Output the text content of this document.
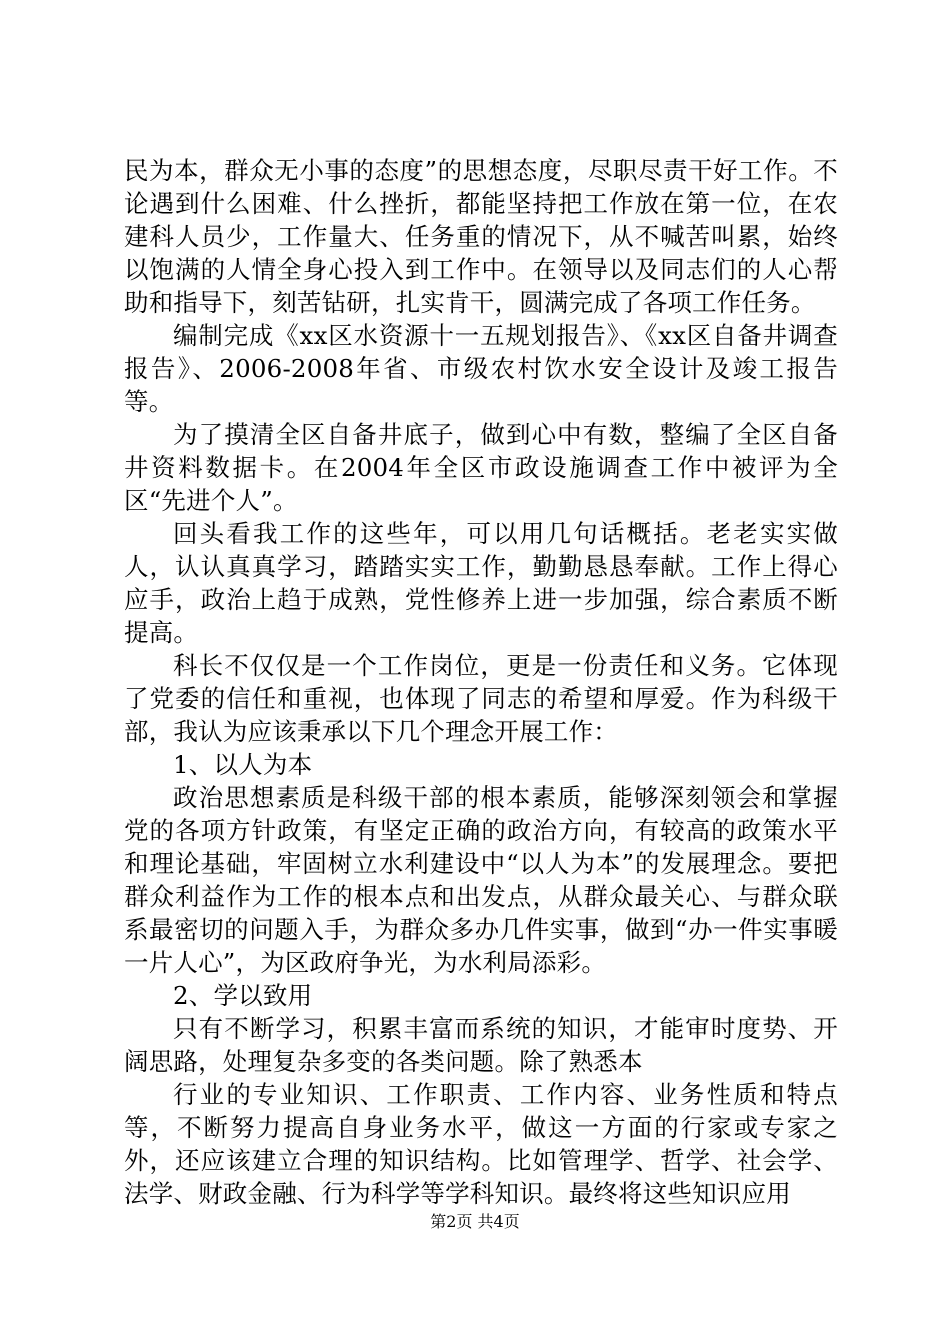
民为本，群众无小事的态度”的思想态度，尽职尽责干好工作。不论遇到什么困难、什么挫折，都能坚持把工作放在第一位，在农建科人员少，工作量大、任务重的情况下，从不喊苦叫累，始终以饱满的人情全身心投入到工作中。在领导以及同志们的人心帮助和指导下，刻苦钻研，扎实肯干，圆满完成了各项工作任务。

编制完成《xx区水资源十一五规划报告》、《xx区自备井调查报告》、2006-2008年省、市级农村饮水安全设计及竣工报告等。

为了摸清全区自备井底子，做到心中有数，整编了全区自备井资料数据卡。在2004年全区市政设施调查工作中被评为全区“先进个人”。

回头看我工作的这些年，可以用几句话概括。老老实实做人，认认真真学习，踏踏实实工作，勤勤恳恳奉献。工作上得心应手，政治上趋于成熟，党性修养上进一步加强，综合素质不断提高。

科长不仅仅是一个工作岗位，更是一份责任和义务。它体现了党委的信任和重视，也体现了同志的希望和厚爱。作为科级干部，我认为应该秉承以下几个理念开展工作：

1、以人为本

政治思想素质是科级干部的根本素质，能够深刻领会和掌握党的各项方针政策，有坚定正确的政治方向，有较高的政策水平和理论基础，牢固树立水利建设中“以人为本”的发展理念。要把群众利益作为工作的根本点和出发点，从群众最关心、与群众联系最密切的问题入手，为群众多办几件实事，做到“办一件实事暖一片人心”，为区政府争光，为水利局添彩。

2、学以致用

只有不断学习，积累丰富而系统的知识，才能审时度势、开阔思路，处理复杂多变的各类问题。除了熟悉本

行业的专业知识、工作职责、工作内容、业务性质和特点等，不断努力提高自身业务水平，做这一方面的行家或专家之外，还应该建立合理的知识结构。比如管理学、哲学、社会学、法学、财政金融、行为科学等学科知识。最终将这些知识应用

第2页 共4页
